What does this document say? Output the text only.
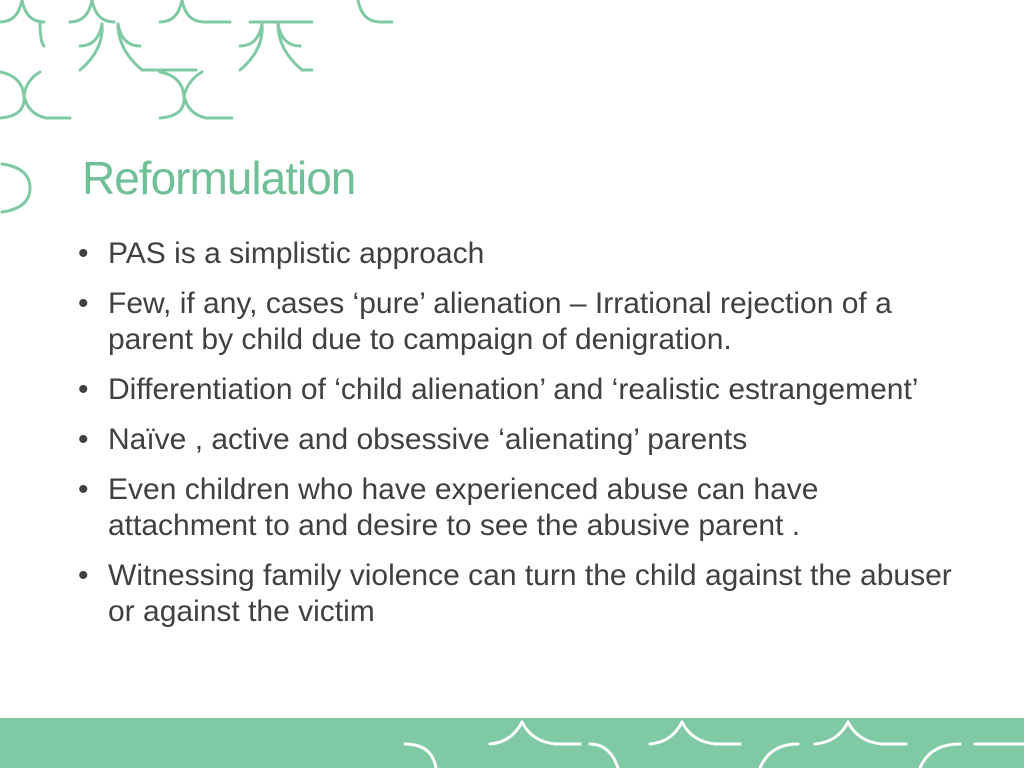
Reformulation
• PAS is a simplistic approach
• Few, if any, cases ‘pure’ alienation – Irrational rejection of a parent by child due to campaign of denigration.
• Differentiation of ‘child alienation’ and ‘realistic estrangement’
• Naïve , active and obsessive ‘alienating’ parents
• Even children who have experienced abuse can have attachment to and desire to see the abusive parent .
• Witnessing family violence can turn the child against the abuser or against the victim
